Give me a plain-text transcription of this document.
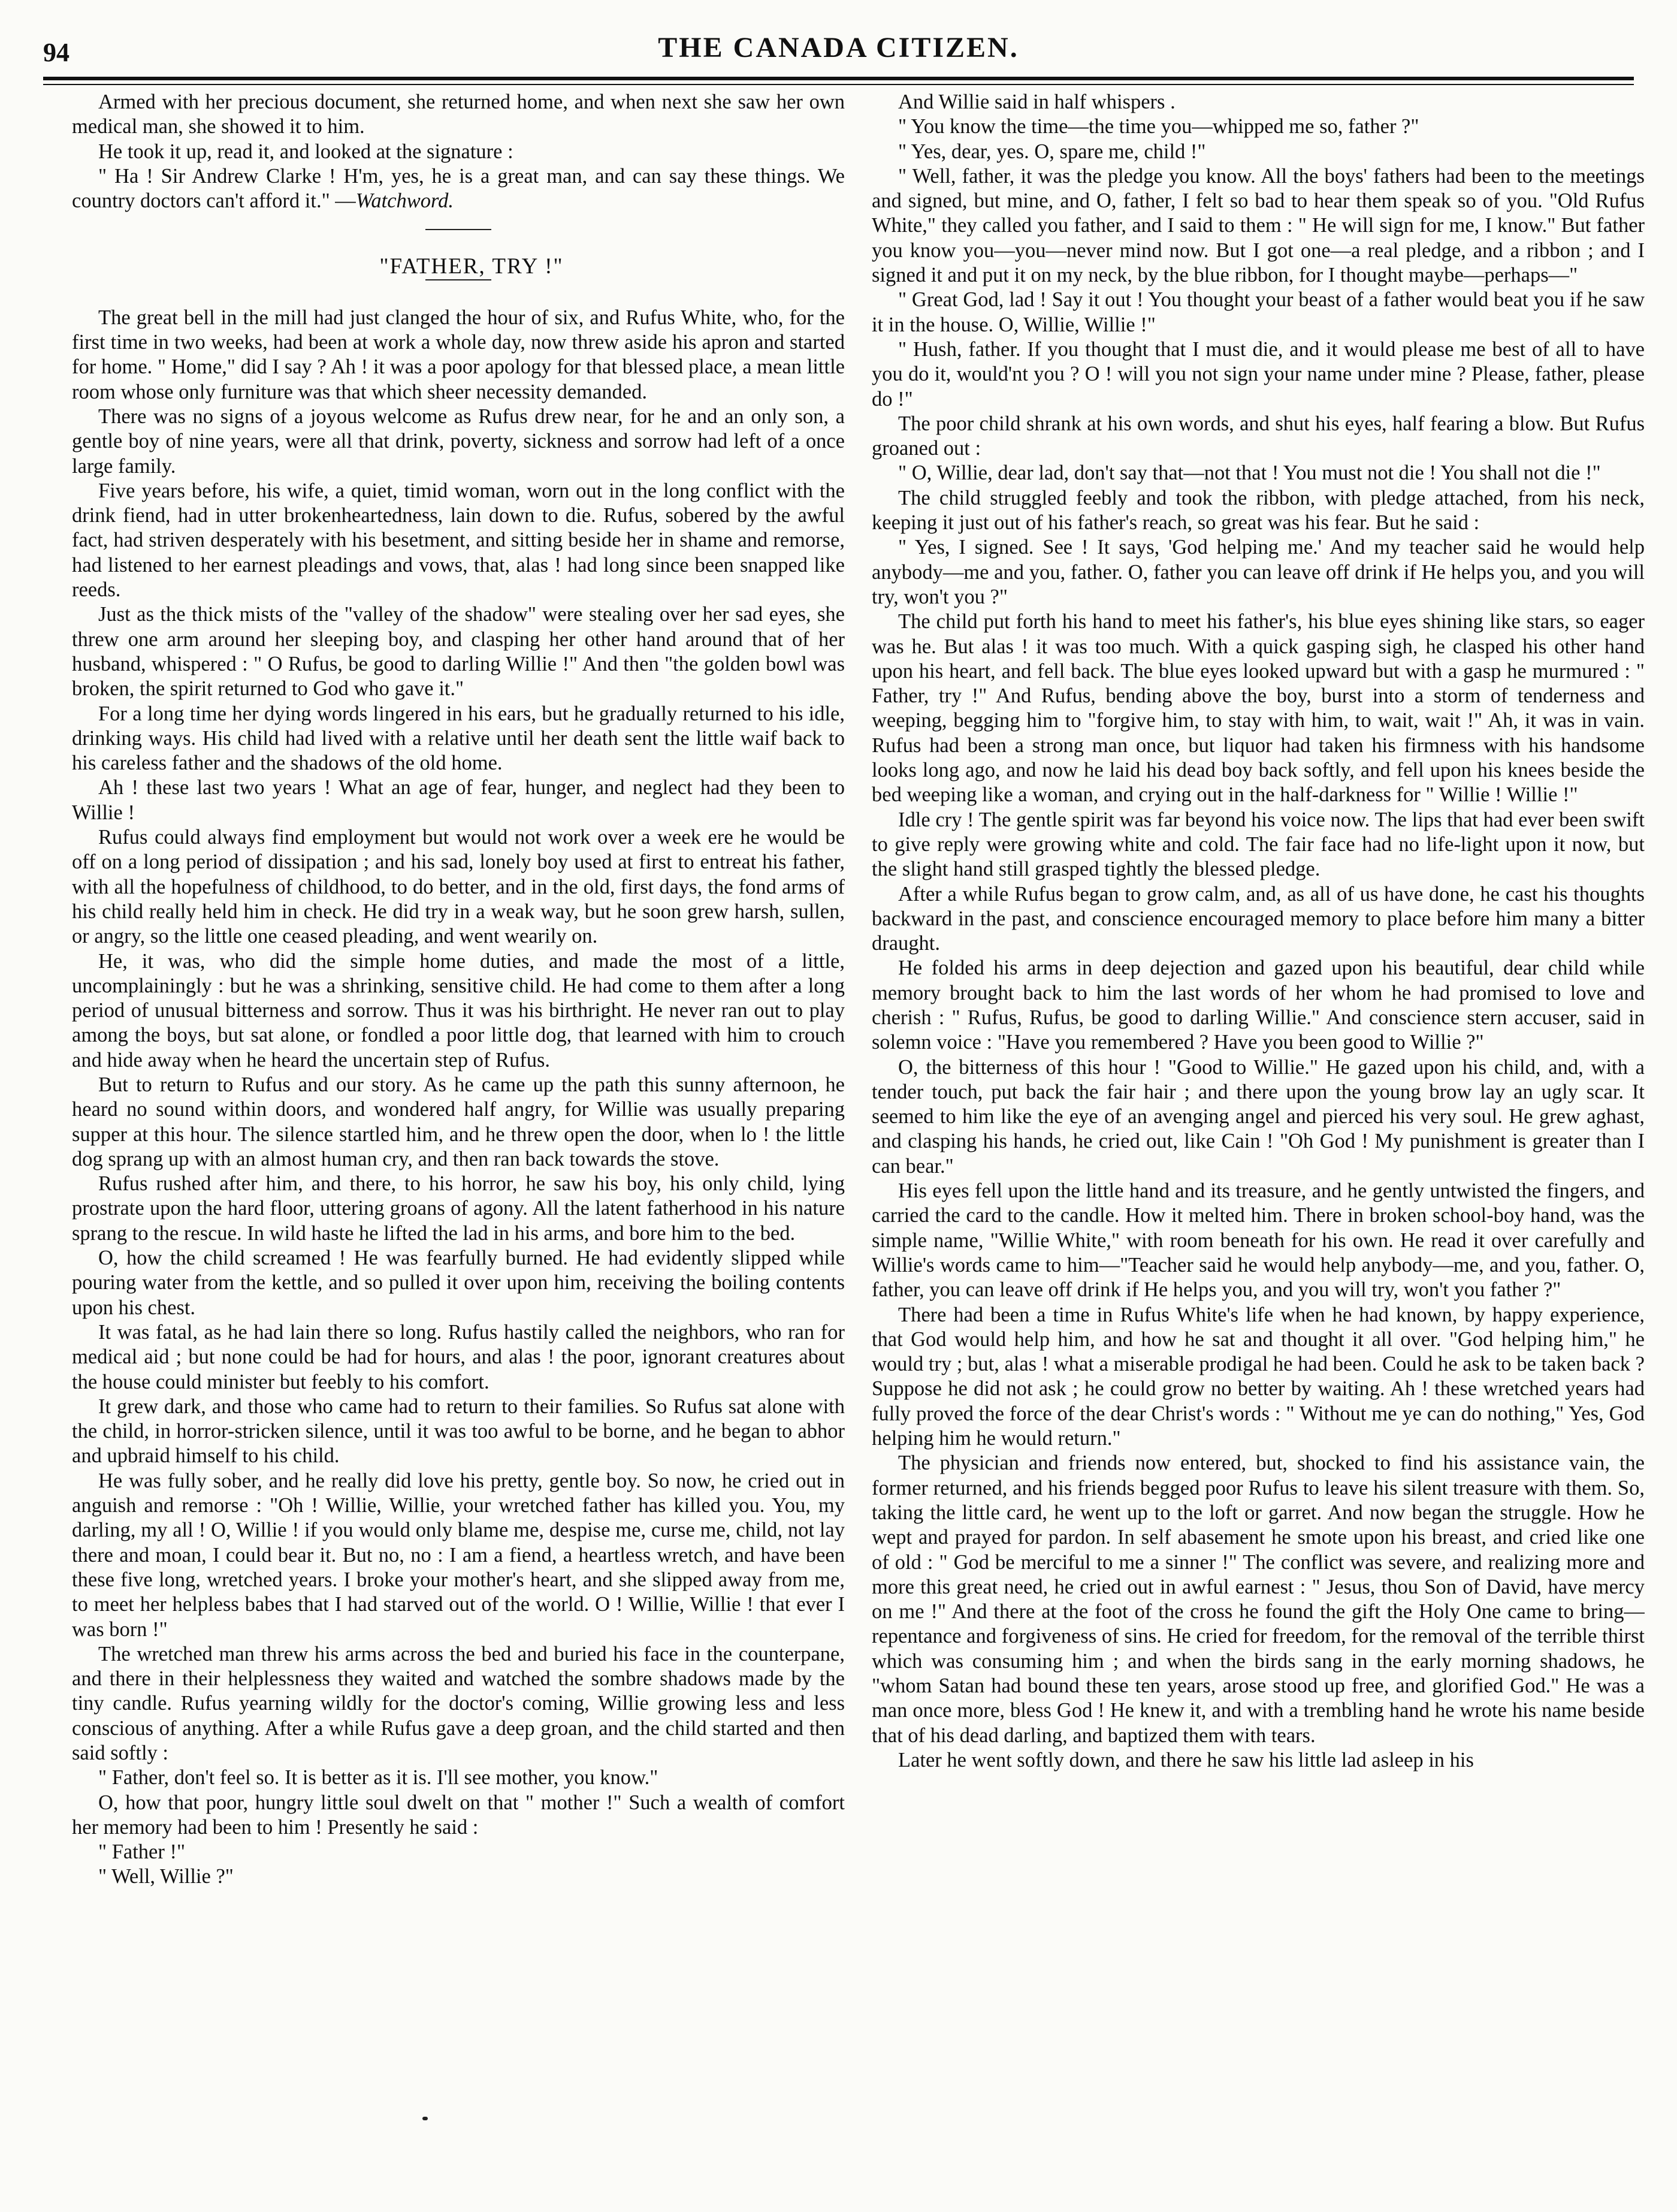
94	THE CANADA CITIZEN.

Armed with her precious document, she returned home, and when next she saw her own medical man, she showed it to him.

He took it up, read it, and looked at the signature :

" Ha ! Sir Andrew Clarke ! H'm, yes, he is a great man, and can say these things. We country doctors can't afford it." —Watchword.

"FATHER, TRY !"

The great bell in the mill had just clanged the hour of six, and Rufus White, who, for the first time in two weeks, had been at work a whole day, now threw aside his apron and started for home. " Home," did I say ? Ah ! it was a poor apology for that blessed place, a mean little room whose only furniture was that which sheer necessity demanded.

There was no signs of a joyous welcome as Rufus drew near, for he and an only son, a gentle boy of nine years, were all that drink, poverty, sickness and sorrow had left of a once large family.

Five years before, his wife, a quiet, timid woman, worn out in the long conflict with the drink fiend, had in utter brokenheartedness, lain down to die. Rufus, sobered by the awful fact, had striven desperately with his besetment, and sitting beside her in shame and remorse, had listened to her earnest pleadings and vows, that, alas ! had long since been snapped like reeds.

Just as the thick mists of the "valley of the shadow" were stealing over her sad eyes, she threw one arm around her sleeping boy, and clasping her other hand around that of her husband, whispered : " O Rufus, be good to darling Willie !" And then "the golden bowl was broken, the spirit returned to God who gave it."

For a long time her dying words lingered in his ears, but he gradually returned to his idle, drinking ways. His child had lived with a relative until her death sent the little waif back to his careless father and the shadows of the old home.

Ah ! these last two years ! What an age of fear, hunger, and neglect had they been to Willie !

Rufus could always find employment but would not work over a week ere he would be off on a long period of dissipation ; and his sad, lonely boy used at first to entreat his father, with all the hopefulness of childhood, to do better, and in the old, first days, the fond arms of his child really held him in check. He did try in a weak way, but he soon grew harsh, sullen, or angry, so the little one ceased pleading, and went wearily on.

He, it was, who did the simple home duties, and made the most of a little, uncomplainingly : but he was a shrinking, sensitive child. He had come to them after a long period of unusual bitterness and sorrow. Thus it was his birthright. He never ran out to play among the boys, but sat alone, or fondled a poor little dog, that learned with him to crouch and hide away when he heard the uncertain step of Rufus.

But to return to Rufus and our story. As he came up the path this sunny afternoon, he heard no sound within doors, and wondered half angry, for Willie was usually preparing supper at this hour. The silence startled him, and he threw open the door, when lo ! the little dog sprang up with an almost human cry, and then ran back towards the stove.

Rufus rushed after him, and there, to his horror, he saw his boy, his only child, lying prostrate upon the hard floor, uttering groans of agony. All the latent fatherhood in his nature sprang to the rescue. In wild haste he lifted the lad in his arms, and bore him to the bed.

O, how the child screamed ! He was fearfully burned. He had evidently slipped while pouring water from the kettle, and so pulled it over upon him, receiving the boiling contents upon his chest.

It was fatal, as he had lain there so long. Rufus hastily called the neighbors, who ran for medical aid ; but none could be had for hours, and alas ! the poor, ignorant creatures about the house could minister but feebly to his comfort.

It grew dark, and those who came had to return to their families. So Rufus sat alone with the child, in horror-stricken silence, until it was too awful to be borne, and he began to abhor and upbraid himself to his child.

He was fully sober, and he really did love his pretty, gentle boy. So now, he cried out in anguish and remorse : "Oh ! Willie, Willie, your wretched father has killed you. You, my darling, my all ! O, Willie ! if you would only blame me, despise me, curse me, child, not lay there and moan, I could bear it. But no, no : I am a fiend, a heartless wretch, and have been these five long, wretched years. I broke your mother's heart, and she slipped away from me, to meet her helpless babes that I had starved out of the world. O ! Willie, Willie ! that ever I was born !"

The wretched man threw his arms across the bed and buried his face in the counterpane, and there in their helplessness they waited and watched the sombre shadows made by the tiny candle. Rufus yearning wildly for the doctor's coming, Willie growing less and less conscious of anything. After a while Rufus gave a deep groan, and the child started and then said softly :

" Father, don't feel so. It is better as it is. I'll see mother, you know."

O, how that poor, hungry little soul dwelt on that " mother !" Such a wealth of comfort her memory had been to him ! Presently he said :

" Father !"

" Well, Willie ?"

And Willie said in half whispers .

" You know the time—the time you—whipped me so, father ?"

" Yes, dear, yes. O, spare me, child !"

" Well, father, it was the pledge you know. All the boys' fathers had been to the meetings and signed, but mine, and O, father, I felt so bad to hear them speak so of you. "Old Rufus White," they called you father, and I said to them : " He will sign for me, I know." But father you know you—you—never mind now. But I got one—a real pledge, and a ribbon ; and I signed it and put it on my neck, by the blue ribbon, for I thought maybe—perhaps—"

" Great God, lad ! Say it out ! You thought your beast of a father would beat you if he saw it in the house. O, Willie, Willie !"

" Hush, father. If you thought that I must die, and it would please me best of all to have you do it, would'nt you ? O ! will you not sign your name under mine ? Please, father, please do !"

The poor child shrank at his own words, and shut his eyes, half fearing a blow. But Rufus groaned out :

" O, Willie, dear lad, don't say that—not that ! You must not die ! You shall not die !"

The child struggled feebly and took the ribbon, with pledge attached, from his neck, keeping it just out of his father's reach, so great was his fear. But he said :

" Yes, I signed. See ! It says, 'God helping me.' And my teacher said he would help anybody—me and you, father. O, father you can leave off drink if He helps you, and you will try, won't you ?"

The child put forth his hand to meet his father's, his blue eyes shining like stars, so eager was he. But alas ! it was too much. With a quick gasping sigh, he clasped his other hand upon his heart, and fell back. The blue eyes looked upward but with a gasp he murmured : " Father, try !" And Rufus, bending above the boy, burst into a storm of tenderness and weeping, begging him to "forgive him, to stay with him, to wait, wait !" Ah, it was in vain. Rufus had been a strong man once, but liquor had taken his firmness with his handsome looks long ago, and now he laid his dead boy back softly, and fell upon his knees beside the bed weeping like a woman, and crying out in the half-darkness for " Willie ! Willie !"

Idle cry ! The gentle spirit was far beyond his voice now. The lips that had ever been swift to give reply were growing white and cold. The fair face had no life-light upon it now, but the slight hand still grasped tightly the blessed pledge.

After a while Rufus began to grow calm, and, as all of us have done, he cast his thoughts backward in the past, and conscience encouraged memory to place before him many a bitter draught.

He folded his arms in deep dejection and gazed upon his beautiful, dear child while memory brought back to him the last words of her whom he had promised to love and cherish : " Rufus, Rufus, be good to darling Willie." And conscience stern accuser, said in solemn voice : "Have you remembered ? Have you been good to Willie ?"

O, the bitterness of this hour ! "Good to Willie." He gazed upon his child, and, with a tender touch, put back the fair hair ; and there upon the young brow lay an ugly scar. It seemed to him like the eye of an avenging angel and pierced his very soul. He grew aghast, and clasping his hands, he cried out, like Cain ! "Oh God ! My punishment is greater than I can bear."

His eyes fell upon the little hand and its treasure, and he gently untwisted the fingers, and carried the card to the candle. How it melted him. There in broken school-boy hand, was the simple name, "Willie White," with room beneath for his own. He read it over carefully and Willie's words came to him—"Teacher said he would help anybody—me, and you, father. O, father, you can leave off drink if He helps you, and you will try, won't you father ?"

There had been a time in Rufus White's life when he had known, by happy experience, that God would help him, and how he sat and thought it all over. "God helping him," he would try ; but, alas ! what a miserable prodigal he had been. Could he ask to be taken back ? Suppose he did not ask ; he could grow no better by waiting. Ah ! these wretched years had fully proved the force of the dear Christ's words : " Without me ye can do nothing," Yes, God helping him he would return."

The physician and friends now entered, but, shocked to find his assistance vain, the former returned, and his friends begged poor Rufus to leave his silent treasure with them. So, taking the little card, he went up to the loft or garret. And now began the struggle. How he wept and prayed for pardon. In self abasement he smote upon his breast, and cried like one of old : " God be merciful to me a sinner !" The conflict was severe, and realizing more and more this great need, he cried out in awful earnest : " Jesus, thou Son of David, have mercy on me !" And there at the foot of the cross he found the gift the Holy One came to bring—repentance and forgiveness of sins. He cried for freedom, for the removal of the terrible thirst which was consuming him ; and when the birds sang in the early morning shadows, he "whom Satan had bound these ten years, arose stood up free, and glorified God." He was a man once more, bless God ! He knew it, and with a trembling hand he wrote his name beside that of his dead darling, and baptized them with tears.

Later he went softly down, and there he saw his little lad asleep in his
